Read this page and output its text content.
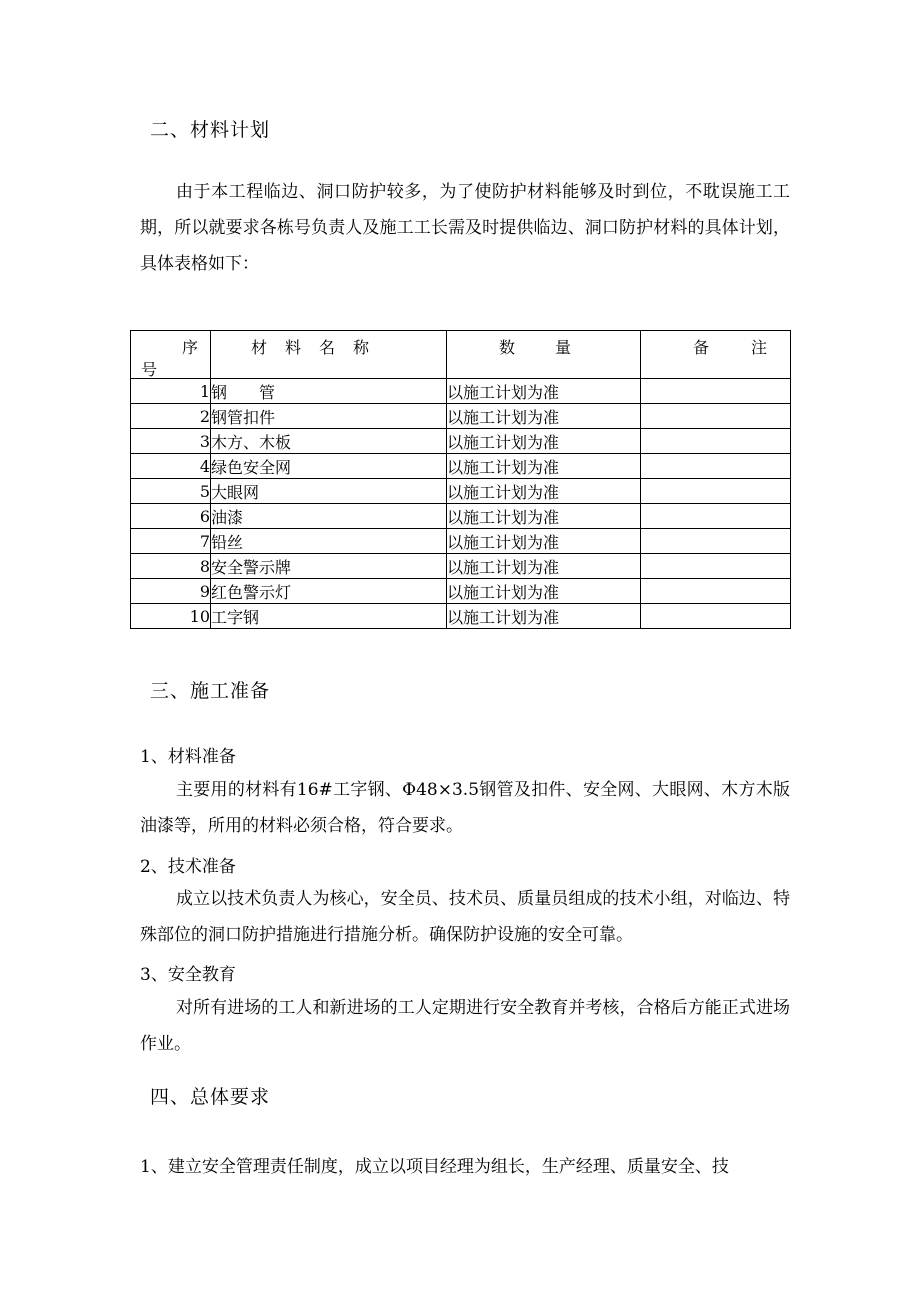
二、材料计划
由于本工程临边、洞口防护较多，为了使防护材料能够及时到位，不耽误施工工期，所以就要求各栋号负责人及施工工长需及时提供临边、洞口防护材料的具体计划，具体表格如下：
序
号	材料名称	数量	备注

1	钢　　管	以施工计划为准	
2	钢管扣件	以施工计划为准	
3	木方、木板	以施工计划为准	
4	绿色安全网	以施工计划为准	
5	大眼网	以施工计划为准	
6	油漆	以施工计划为准	
7	铅丝	以施工计划为准	
8	安全警示牌	以施工计划为准	
9	红色警示灯	以施工计划为准	
10	工字钢	以施工计划为准	
三、施工准备
1、材料准备
主要用的材料有16#工字钢、Φ48×3.5钢管及扣件、安全网、大眼网、木方木版油漆等，所用的材料必须合格，符合要求。
2、技术准备
成立以技术负责人为核心，安全员、技术员、质量员组成的技术小组，对临边、特殊部位的洞口防护措施进行措施分析。确保防护设施的安全可靠。
3、安全教育
对所有进场的工人和新进场的工人定期进行安全教育并考核，合格后方能正式进场作业。
四、总体要求
1、建立安全管理责任制度，成立以项目经理为组长，生产经理、质量安全、技
